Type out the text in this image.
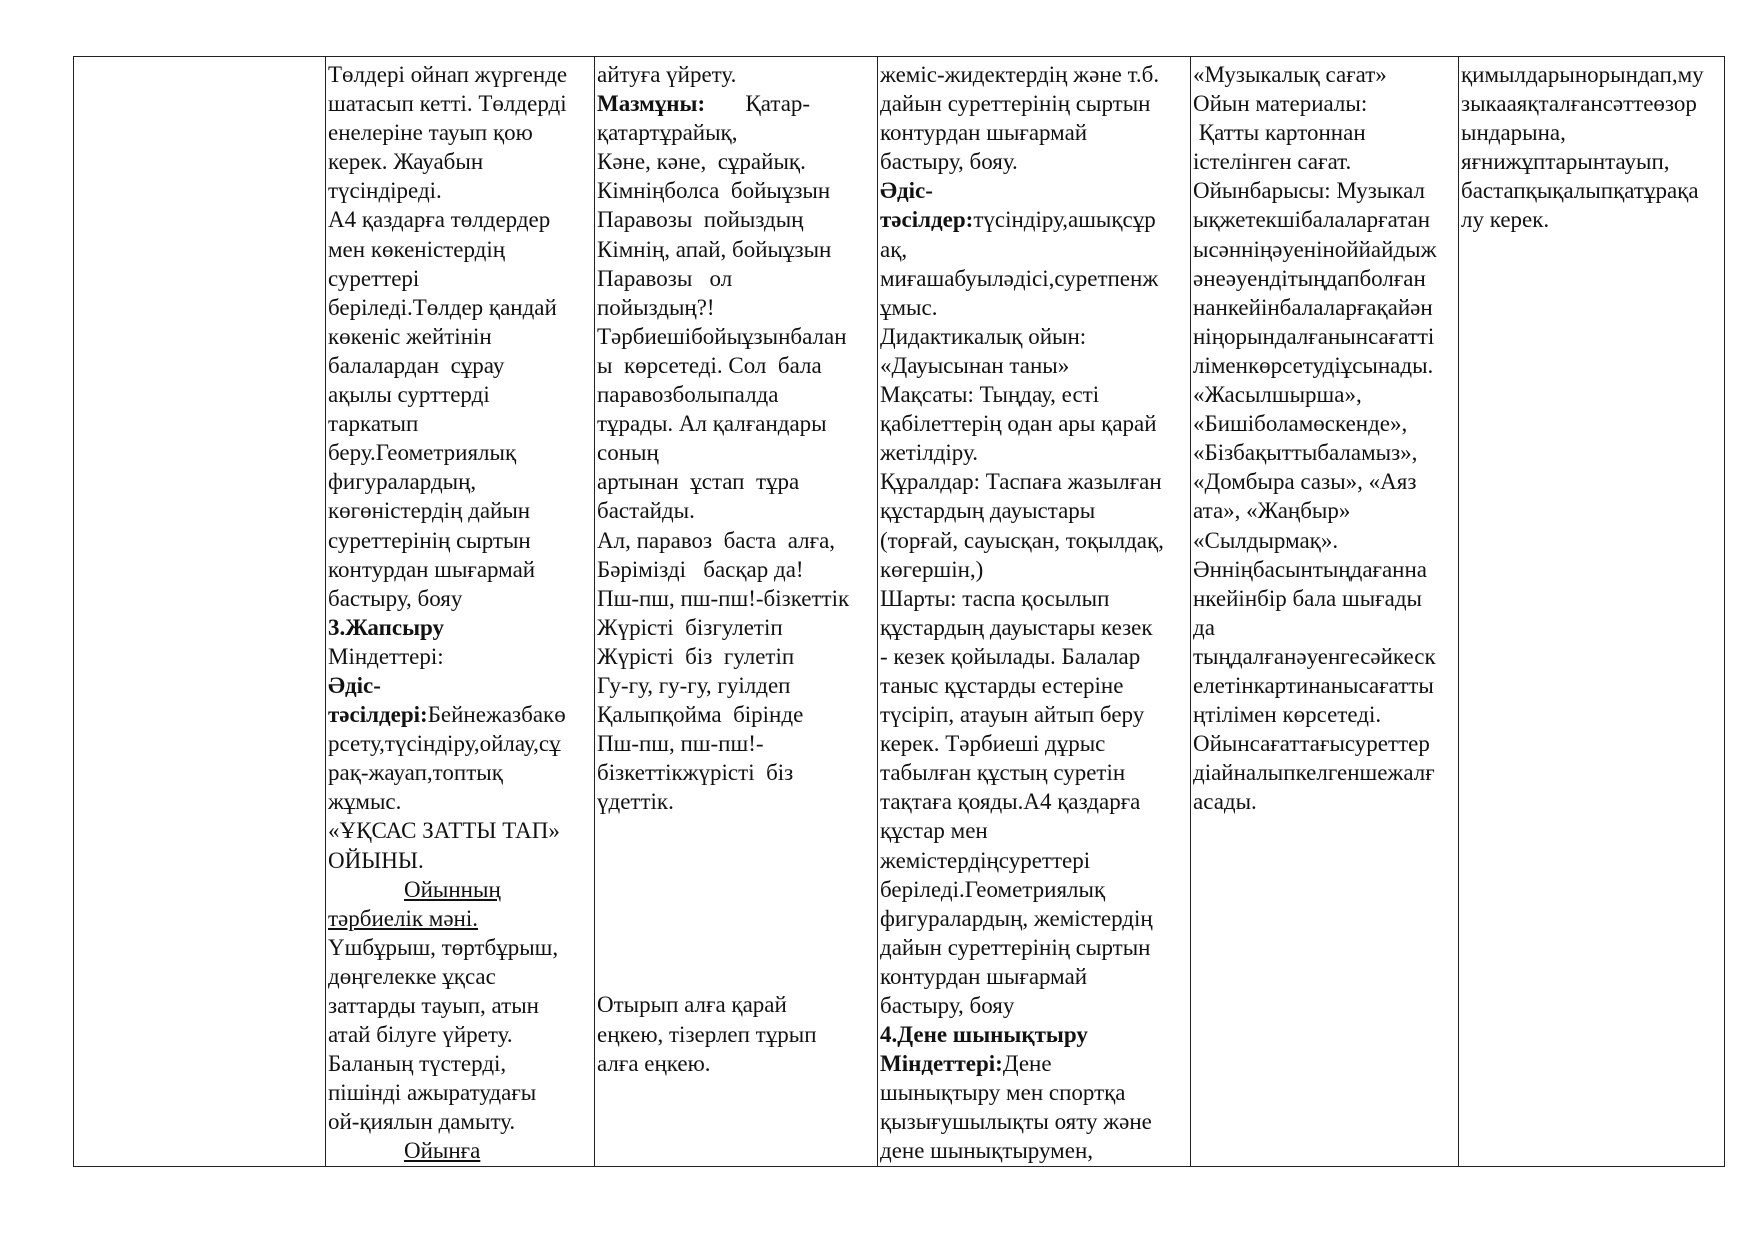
Төлдері ойнап жүргенде
шатасып кетті. Төлдерді
енелеріне тауып қою
керек. Жауабын
түсіндіреді.
А4 қаздарға төлдердер
мен көкеністердің
суреттері
беріледі.Төлдер қандай
көкеніс жейтінін
балалардан  сұрау
ақылы сурттерді
таркатып
беру.Геометриялық
фигуралардың,
көгөністердің дайын
суреттерінің сыртын
контурдан шығармай
бастыру, бояу
3.Жапсыру
Міндеттері:
Әдіс-
тәсілдері:Бейнежазбакө
рсету,түсіндіру,ойлау,сұ
рақ-жауап,топтық
жұмыс.
«ҰҚСАС ЗАТТЫ ТАП»
ОЙЫНЫ.
Ойынның
тәрбиелік мәні.
Үшбұрыш, төртбұрыш,
дөңгелекке ұқсас
заттарды тауып, атын
атай білуге үйрету.
Баланың түстерді,
пішінді ажыратудағы
ой-қиялын дамыту.
Ойынға

айтуға үйрету.
Мазмұны:       Қатар-
қатартұрайық,
Кәне, кәне,  сұрайық.
Кімніңболса  бойыұзын
Паравозы  пойыздың
Кімнің, апай, бойыұзын
Паравозы   ол
пойыздың?!
Тәрбиешібойыұзынбалан
ы  көрсетеді. Сол  бала
паравозболыпалда
тұрады. Ал қалғандары
соның
артынан  ұстап  тұра
бастайды.
Ал, паравоз  баста  алға,
Бәрімізді   басқар да!
Пш-пш, пш-пш!-бізкеттік
Жүрісті  бізгулетіп
Жүрісті  біз  гулетіп
Гу-гу, гу-гу, гуілдеп
Қалыпқойма  бірінде
Пш-пш, пш-пш!-
бізкеттікжүрісті  біз
үдеттік.
Отырып алға қарай
еңкею, тізерлеп тұрып
алға еңкею.

жеміс-жидектердің және т.б.
дайын суреттерінің сыртын
контурдан шығармай
бастыру, бояу.
Әдіс-
тәсілдер:түсіндіру,ашықсұр
ақ,
миғашабуылəдісі,суретпенж
ұмыс.
Дидактикалық ойын:
«Дауысынан таны»
Мақсаты: Тыңдау, есті
қабілеттерің одан ары қарай
жетілдіру.
Құралдар: Таспаға жазылған
құстардың дауыстары
(торғай, сауысқан, тоқылдақ,
көгершін,)
Шарты: таспа қосылып
құстардың дауыстары кезек
- кезек қойылады. Балалар
таныс құстарды естеріне
түсіріп, атауын айтып беру
керек. Тәрбиеші дұрыс
табылған құстың суретін
тақтаға қояды.А4 қаздарға
құстар мен
жемістердіңсуреттері
беріледі.Геометриялық
фигуралардың, жемістердің
дайын суреттерінің сыртын
контурдан шығармай
бастыру, бояу
4.Дене шынықтыру
Міндеттері:Дене
шынықтыру мен спортқа
қызығушылықты ояту және
дене шынықтырумен,

«Музыкалық сағат»
Ойын материалы:
Қатты картоннан
істелінген сағат.
Ойынбарысы: Музыкал
ықжетекшібалаларғатан
ысәнніңәуеніноййайдыж
әнеәуендітыңдапболған
нанкейінбалаларғақайән
ніңорындалғанынсағатті
ліменкөрсетудіұсынады.
«Жасылшырша»,
«Бишіболамөскенде»,
«Бізбақыттыбаламыз»,
«Домбыра сазы», «Аяз
ата», «Жаңбыр»
«Сылдырмақ».
Әнніңбасынтыңдағанна
нкейінбір бала шығады
да
тыңдалғанәуенгесәйкеск
елетінкартинанысағатты
ңтілімен көрсетеді.
Ойынсағаттағысуреттер
діайналыпкелгеншежалғ
асады.

қимылдарынорындап,му
зыкааяқталғансәттеөзор
ындарына,
яғнижұптарынтауып,
бастапқықалыпқатұрақа
лу керек.
